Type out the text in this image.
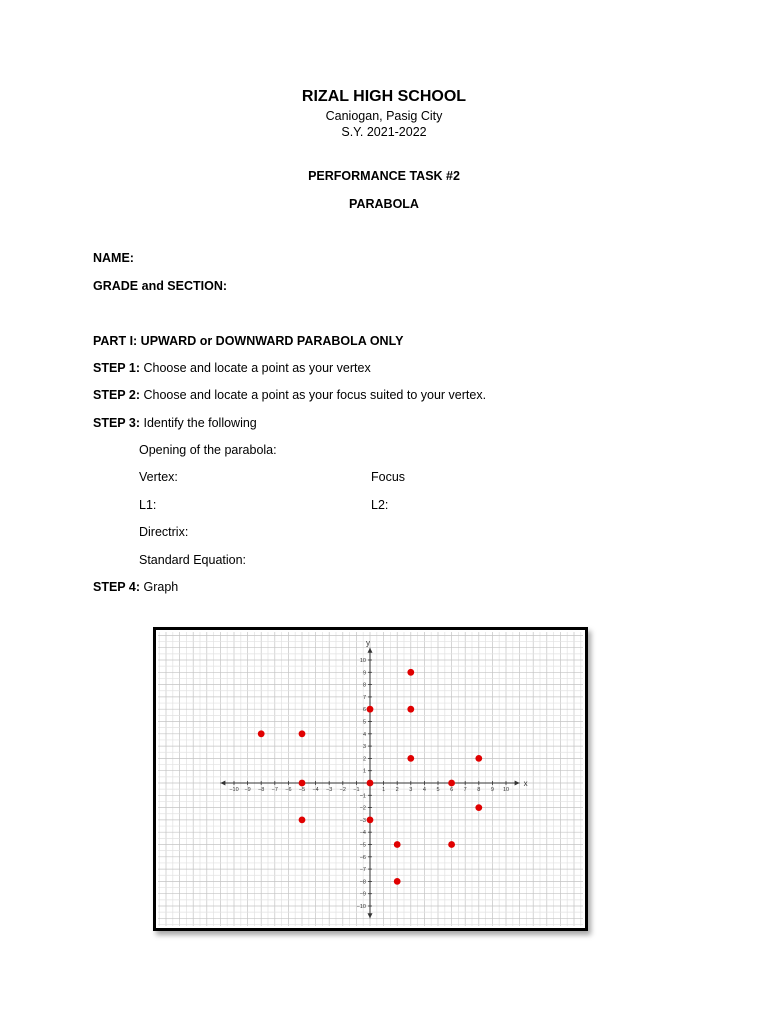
RIZAL HIGH SCHOOL
Caniogan, Pasig City
S.Y. 2021-2022
PERFORMANCE TASK #2
PARABOLA
NAME:
GRADE and SECTION:
PART I: UPWARD or DOWNWARD PARABOLA ONLY
STEP 1: Choose and locate a point as your vertex
STEP 2: Choose and locate a point as your focus suited to your vertex.
STEP 3: Identify the following
Opening of the parabola:
Vertex:	Focus
L1:	L2:
Directrix:
Standard Equation:
STEP 4: Graph
x
y
−10
−10
−9
−9
−8
−8
−7
−7
−6
−6
−5
−5
−4
−4
−3
−3
−2
−2
−1
−1
1
1
2
2
3
3
4
4
5
5
6
6
7
7
8
8
9
9
10
10
